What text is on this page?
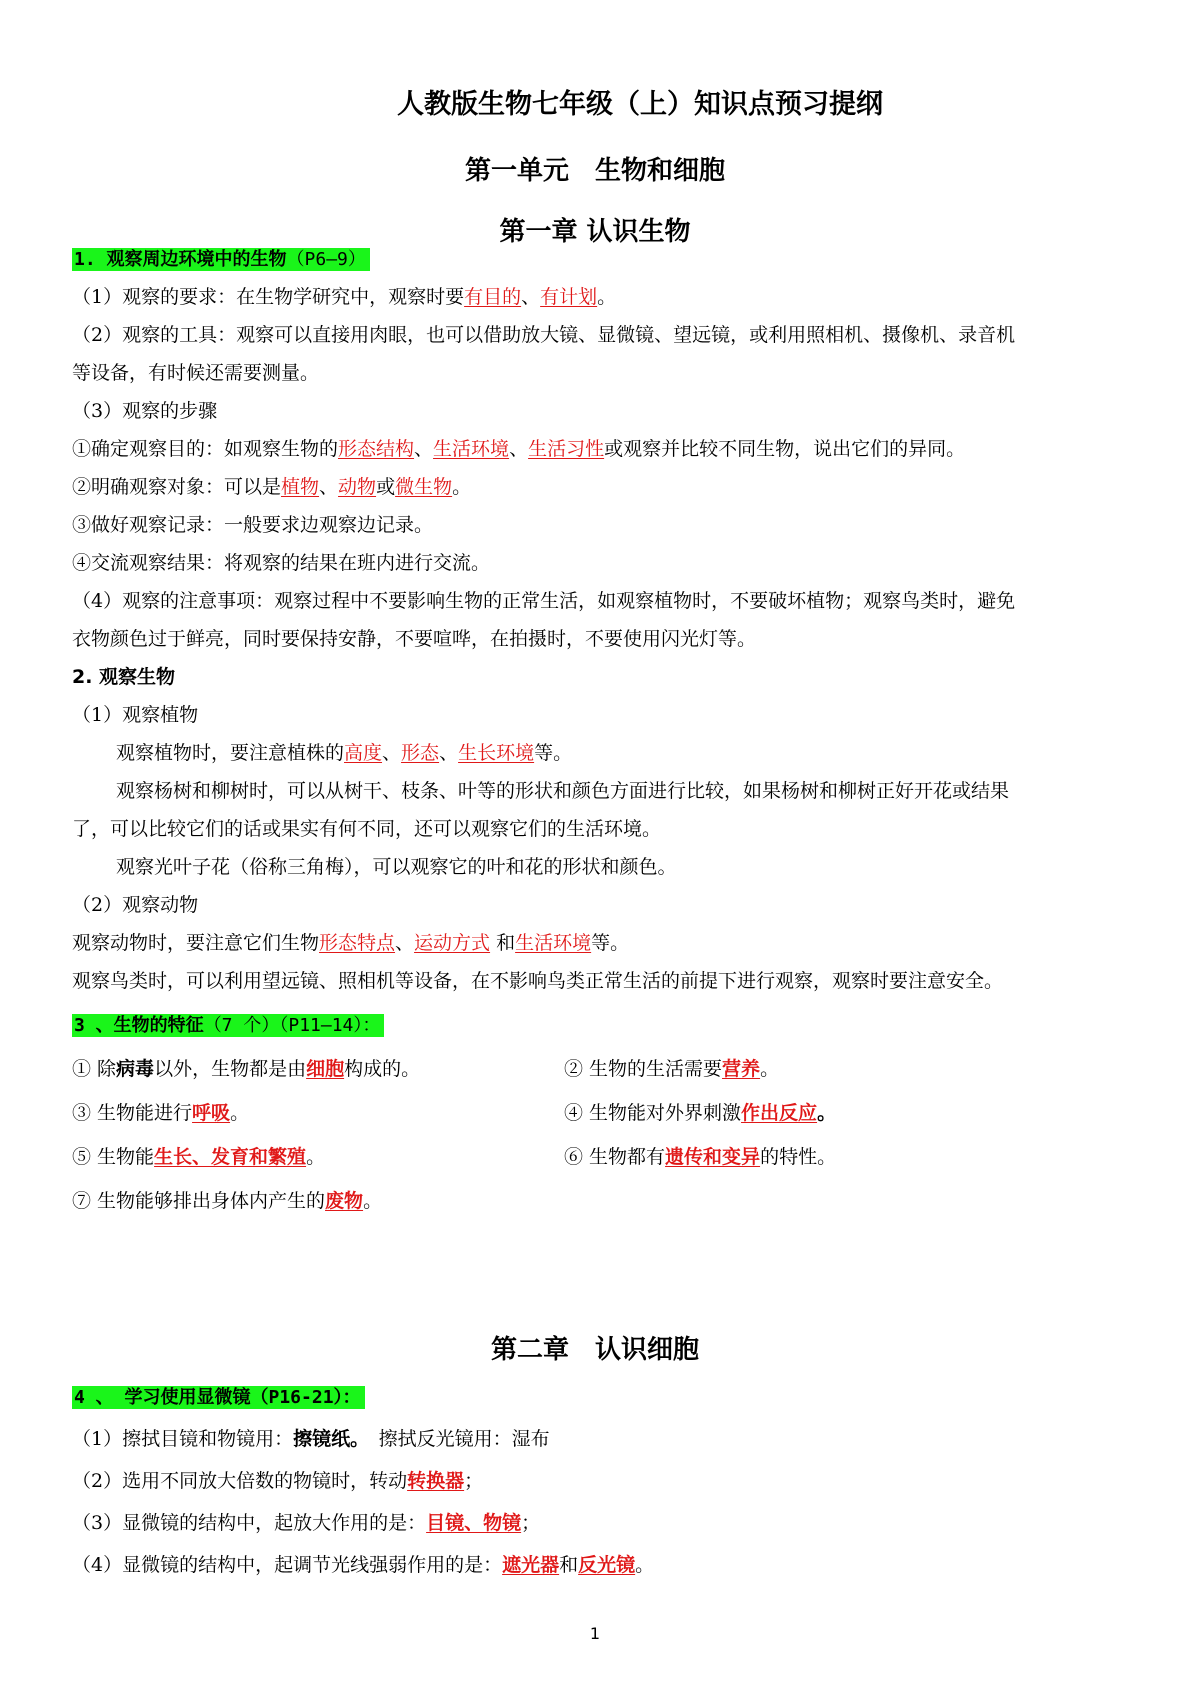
人教版生物七年级（上）知识点预习提纲
第一单元　生物和细胞
第一章 认识生物
1. 观察周边环境中的生物（P6—9）
（1）观察的要求：在生物学研究中，观察时要有目的、有计划。
（2）观察的工具：观察可以直接用肉眼，也可以借助放大镜、显微镜、望远镜，或利用照相机、摄像机、录音机
等设备，有时候还需要测量。
（3）观察的步骤
①确定观察目的：如观察生物的形态结构、生活环境、生活习性或观察并比较不同生物，说出它们的异同。
②明确观察对象：可以是植物、动物或微生物。
③做好观察记录：一般要求边观察边记录。
④交流观察结果：将观察的结果在班内进行交流。
（4）观察的注意事项：观察过程中不要影响生物的正常生活，如观察植物时，不要破坏植物；观察鸟类时，避免
衣物颜色过于鲜亮，同时要保持安静，不要喧哗，在拍摄时，不要使用闪光灯等。
2. 观察生物
（1）观察植物
观察植物时，要注意植株的高度、形态、生长环境等。
观察杨树和柳树时，可以从树干、枝条、叶等的形状和颜色方面进行比较，如果杨树和柳树正好开花或结果
了，可以比较它们的话或果实有何不同，还可以观察它们的生活环境。
观察光叶子花（俗称三角梅），可以观察它的叶和花的形状和颜色。
（2）观察动物
观察动物时，要注意它们生物形态特点、运动方式 和生活环境等。
观察鸟类时，可以利用望远镜、照相机等设备，在不影响鸟类正常生活的前提下进行观察，观察时要注意安全。
3 、生物的特征（7 个）（P11—14）：
① 除病毒以外，生物都是由细胞构成的。	② 生物的生活需要营养。
③ 生物能进行呼吸。	④ 生物能对外界刺激作出反应。
⑤ 生物能生长、发育和繁殖。	⑥ 生物都有遗传和变异的特性。
⑦ 生物能够排出身体内产生的废物。
第二章　认识细胞
4 、 学习使用显微镜（P16-21）：
（1）擦拭目镜和物镜用：擦镜纸。　擦拭反光镜用：湿布
（2）选用不同放大倍数的物镜时，转动转换器；
（3）显微镜的结构中，起放大作用的是：目镜、物镜；
（4）显微镜的结构中，起调节光线强弱作用的是：遮光器和反光镜。
1
